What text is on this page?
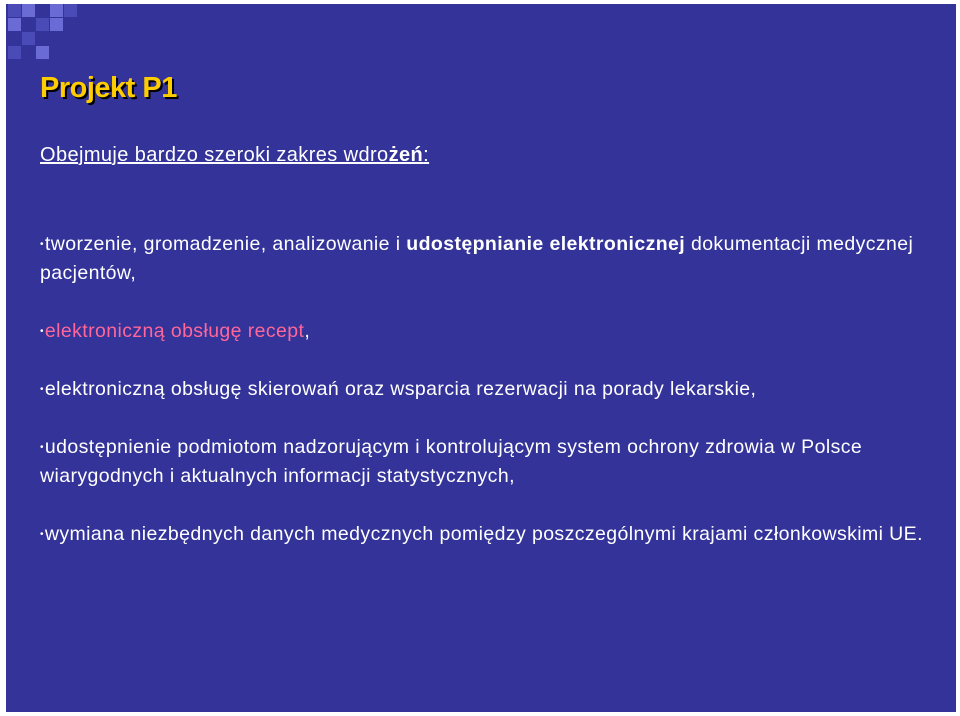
Projekt P1

Obejmuje bardzo szeroki zakres wdrożeń:

•tworzenie, gromadzenie, analizowanie i udostępnianie elektronicznej dokumentacji medycznej pacjentów,
•elektroniczną obsługę recept,
•elektroniczną obsługę skierowań oraz wsparcia rezerwacji na porady lekarskie,
•udostępnienie podmiotom nadzorującym i kontrolującym system ochrony zdrowia w Polsce wiarygodnych i aktualnych informacji statystycznych,
•wymiana niezbędnych danych medycznych pomiędzy poszczególnymi krajami członkowskimi UE.
